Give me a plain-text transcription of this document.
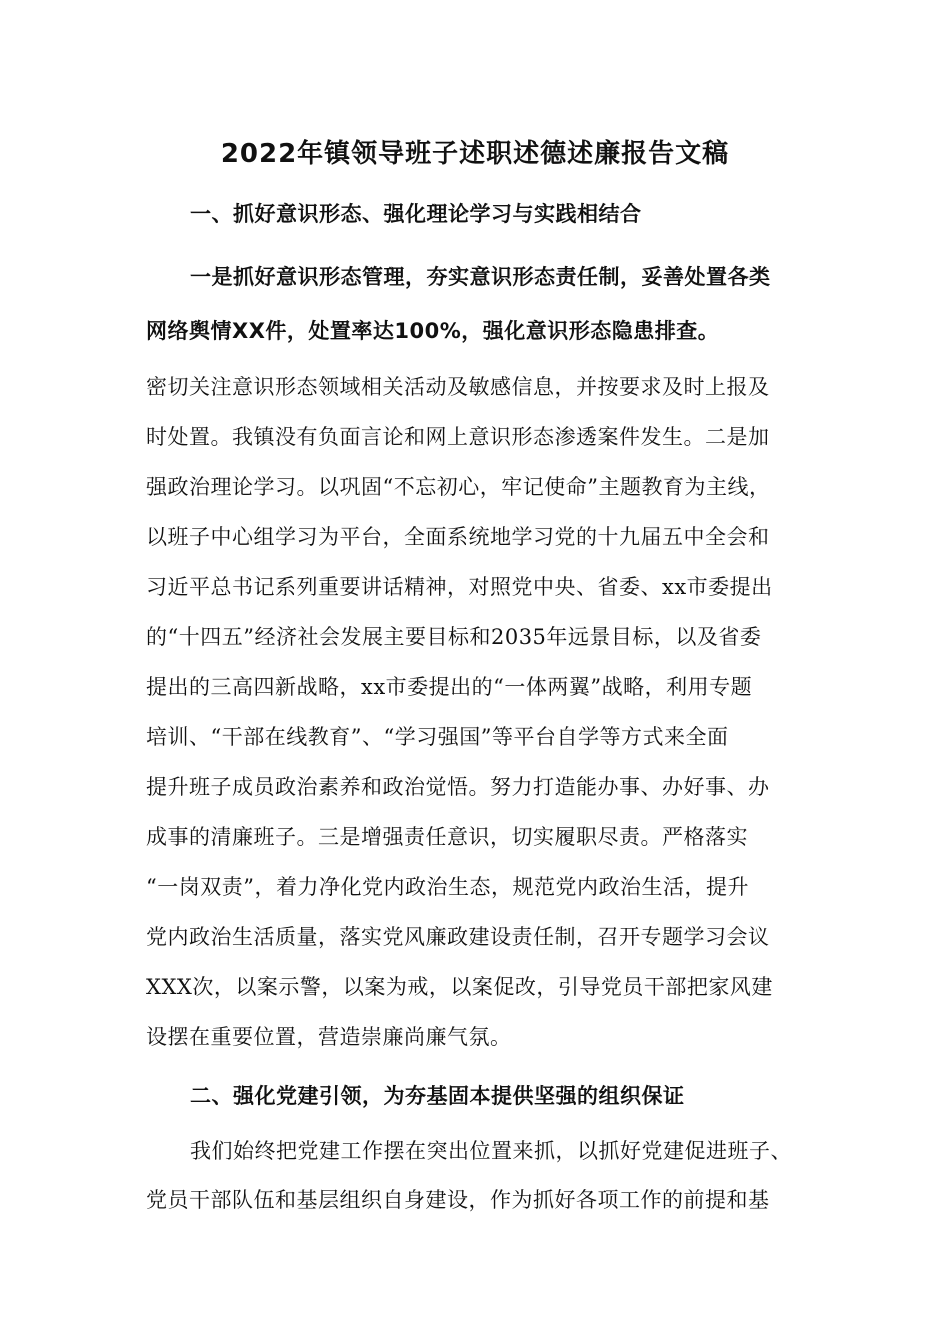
2022年镇领导班子述职述德述廉报告文稿
一、抓好意识形态、强化理论学习与实践相结合
一是抓好意识形态管理，夯实意识形态责任制，妥善处置各类
网络舆情XX件，处置率达100%，强化意识形态隐患排查。
密切关注意识形态领域相关活动及敏感信息，并按要求及时上报及
时处置。我镇没有负面言论和网上意识形态渗透案件发生。二是加
强政治理论学习。以巩固“不忘初心，牢记使命”主题教育为主线，
以班子中心组学习为平台，全面系统地学习党的十九届五中全会和
习近平总书记系列重要讲话精神，对照党中央、省委、xx市委提出
的“十四五”经济社会发展主要目标和2035年远景目标，以及省委
提出的三高四新战略，xx市委提出的“一体两翼”战略，利用专题
培训、“干部在线教育”、“学习强国”等平台自学等方式来全面
提升班子成员政治素养和政治觉悟。努力打造能办事、办好事、办
成事的清廉班子。三是增强责任意识，切实履职尽责。严格落实
“一岗双责”，着力净化党内政治生态，规范党内政治生活，提升
党内政治生活质量，落实党风廉政建设责任制，召开专题学习会议
XXX次，以案示警，以案为戒，以案促改，引导党员干部把家风建
设摆在重要位置，营造崇廉尚廉气氛。
二、强化党建引领，为夯基固本提供坚强的组织保证
我们始终把党建工作摆在突出位置来抓，以抓好党建促进班子、
党员干部队伍和基层组织自身建设，作为抓好各项工作的前提和基
